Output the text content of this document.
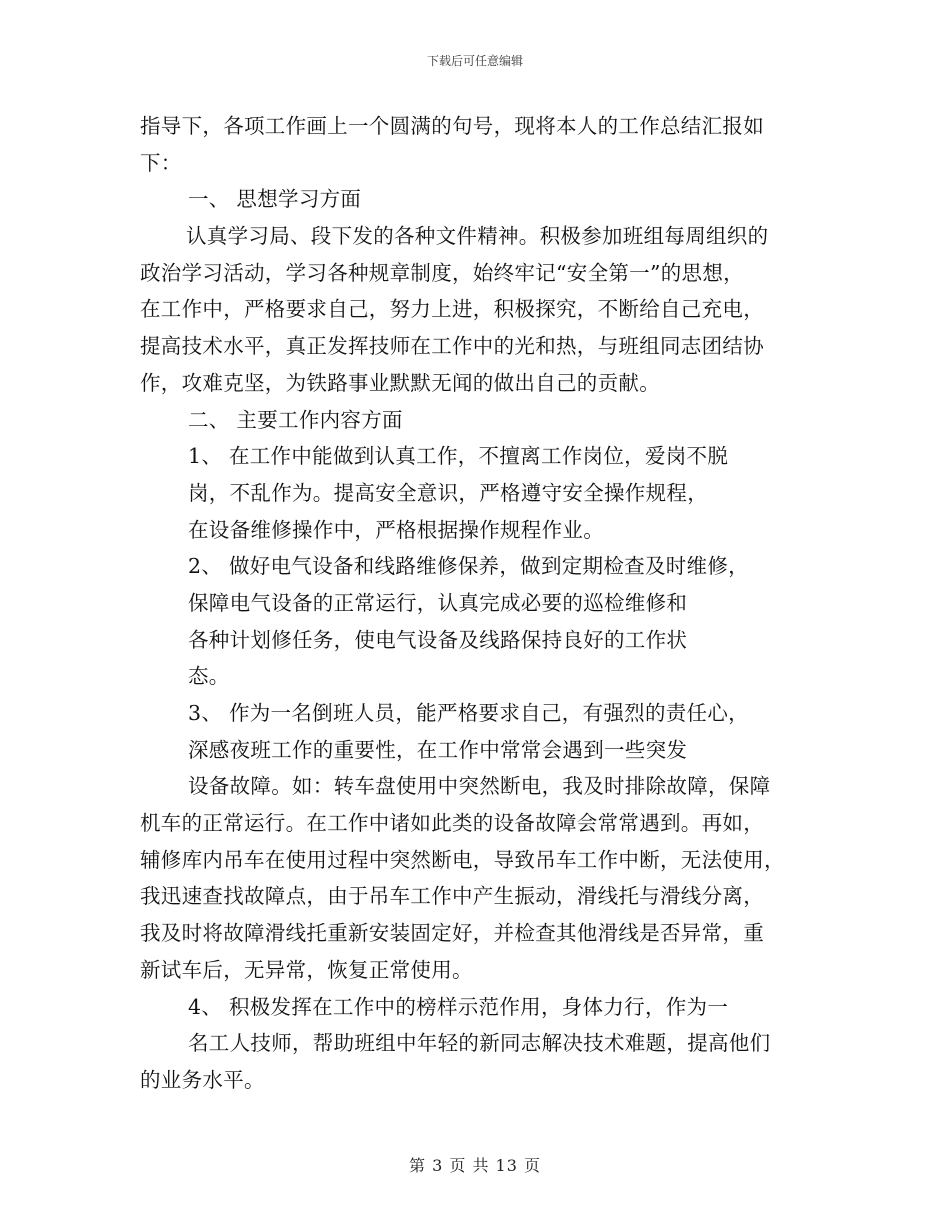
下载后可任意编辑
指导下，各项工作画上一个圆满的句号，现将本人的工作总结汇报如
下：
一、 思想学习方面
认真学习局、段下发的各种文件精神。积极参加班组每周组织的
政治学习活动，学习各种规章制度，始终牢记“安全第一”的思想，
在工作中，严格要求自己，努力上进，积极探究，不断给自己充电，
提高技术水平，真正发挥技师在工作中的光和热，与班组同志团结协
作，攻难克坚，为铁路事业默默无闻的做出自己的贡献。
二、 主要工作内容方面
1、 在工作中能做到认真工作，不擅离工作岗位，爱岗不脱
岗，不乱作为。提高安全意识，严格遵守安全操作规程，
在设备维修操作中，严格根据操作规程作业。
2、 做好电气设备和线路维修保养，做到定期检查及时维修，
保障电气设备的正常运行，认真完成必要的巡检维修和
各种计划修任务，使电气设备及线路保持良好的工作状
态。
3、 作为一名倒班人员，能严格要求自己，有强烈的责任心，
深感夜班工作的重要性，在工作中常常会遇到一些突发
设备故障。如：转车盘使用中突然断电，我及时排除故障，保障
机车的正常运行。在工作中诸如此类的设备故障会常常遇到。再如，
辅修库内吊车在使用过程中突然断电，导致吊车工作中断，无法使用，
我迅速查找故障点，由于吊车工作中产生振动，滑线托与滑线分离，
我及时将故障滑线托重新安装固定好，并检查其他滑线是否异常，重
新试车后，无异常，恢复正常使用。
4、 积极发挥在工作中的榜样示范作用，身体力行，作为一
名工人技师，帮助班组中年轻的新同志解决技术难题，提高他们
的业务水平。
第 3 页 共 13 页
